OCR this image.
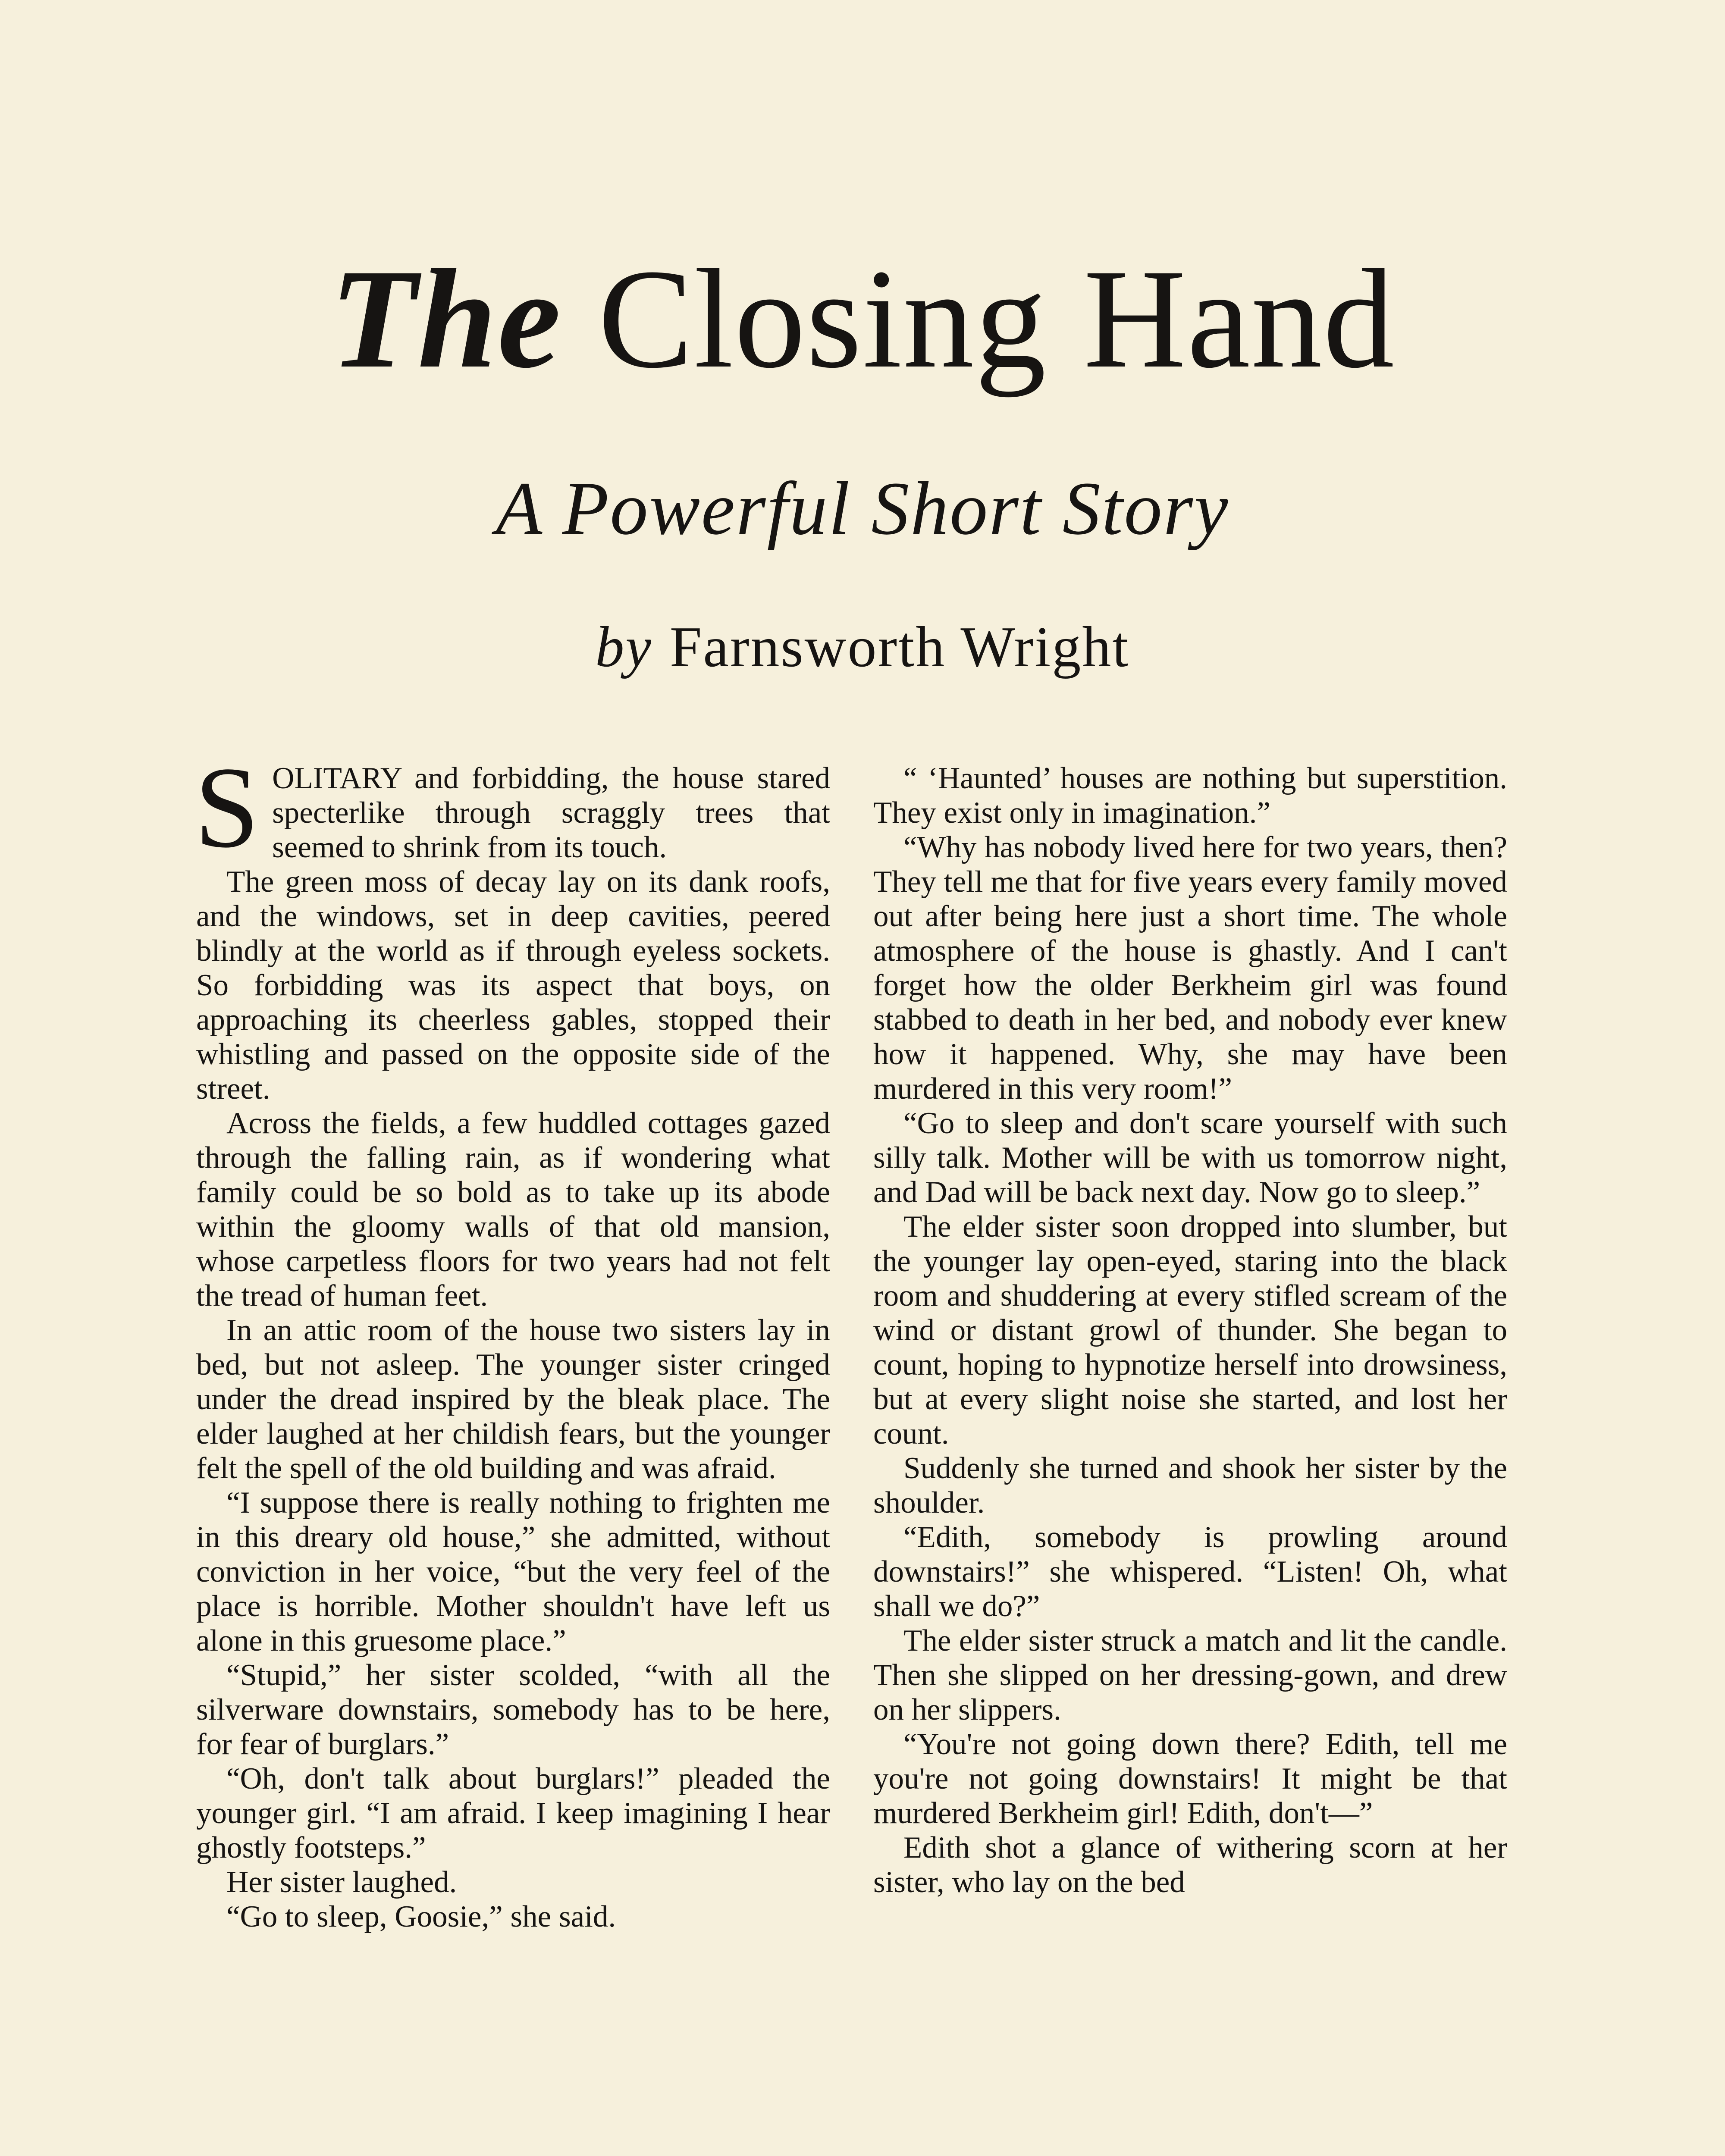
The Closing Hand
A Powerful Short Story
by Farnsworth Wright

SOLITARY and forbidding, the house stared specterlike through scraggly trees that seemed to shrink from its touch.

The green moss of decay lay on its dank roofs, and the windows, set in deep cavities, peered blindly at the world as if through eyeless sockets. So forbidding was its aspect that boys, on approaching its cheerless gables, stopped their whistling and passed on the opposite side of the street.

Across the fields, a few huddled cottages gazed through the falling rain, as if wondering what family could be so bold as to take up its abode within the gloomy walls of that old mansion, whose carpetless floors for two years had not felt the tread of human feet.

In an attic room of the house two sisters lay in bed, but not asleep. The younger sister cringed under the dread inspired by the bleak place. The elder laughed at her childish fears, but the younger felt the spell of the old building and was afraid.

“I suppose there is really nothing to frighten me in this dreary old house,” she admitted, without conviction in her voice, “but the very feel of the place is horrible. Mother shouldn't have left us alone in this gruesome place.”

“Stupid,” her sister scolded, “with all the silverware downstairs, somebody has to be here, for fear of burglars.”

“Oh, don't talk about burglars!” pleaded the younger girl. “I am afraid. I keep imagining I hear ghostly footsteps.”

Her sister laughed.

“Go to sleep, Goosie,” she said.

“ ‘Haunted’ houses are nothing but superstition. They exist only in imagination.”

“Why has nobody lived here for two years, then? They tell me that for five years every family moved out after being here just a short time. The whole atmosphere of the house is ghastly. And I can't forget how the older Berkheim girl was found stabbed to death in her bed, and nobody ever knew how it happened. Why, she may have been murdered in this very room!”

“Go to sleep and don't scare yourself with such silly talk. Mother will be with us tomorrow night, and Dad will be back next day. Now go to sleep.”

The elder sister soon dropped into slumber, but the younger lay open-eyed, staring into the black room and shuddering at every stifled scream of the wind or distant growl of thunder. She began to count, hoping to hypnotize herself into drowsiness, but at every slight noise she started, and lost her count.

Suddenly she turned and shook her sister by the shoulder.

“Edith, somebody is prowling around downstairs!” she whispered. “Listen! Oh, what shall we do?”

The elder sister struck a match and lit the candle. Then she slipped on her dressing-gown, and drew on her slippers.

“You're not going down there? Edith, tell me you're not going downstairs! It might be that murdered Berkheim girl! Edith, don't—”

Edith shot a glance of withering scorn at her sister, who lay on the bed
